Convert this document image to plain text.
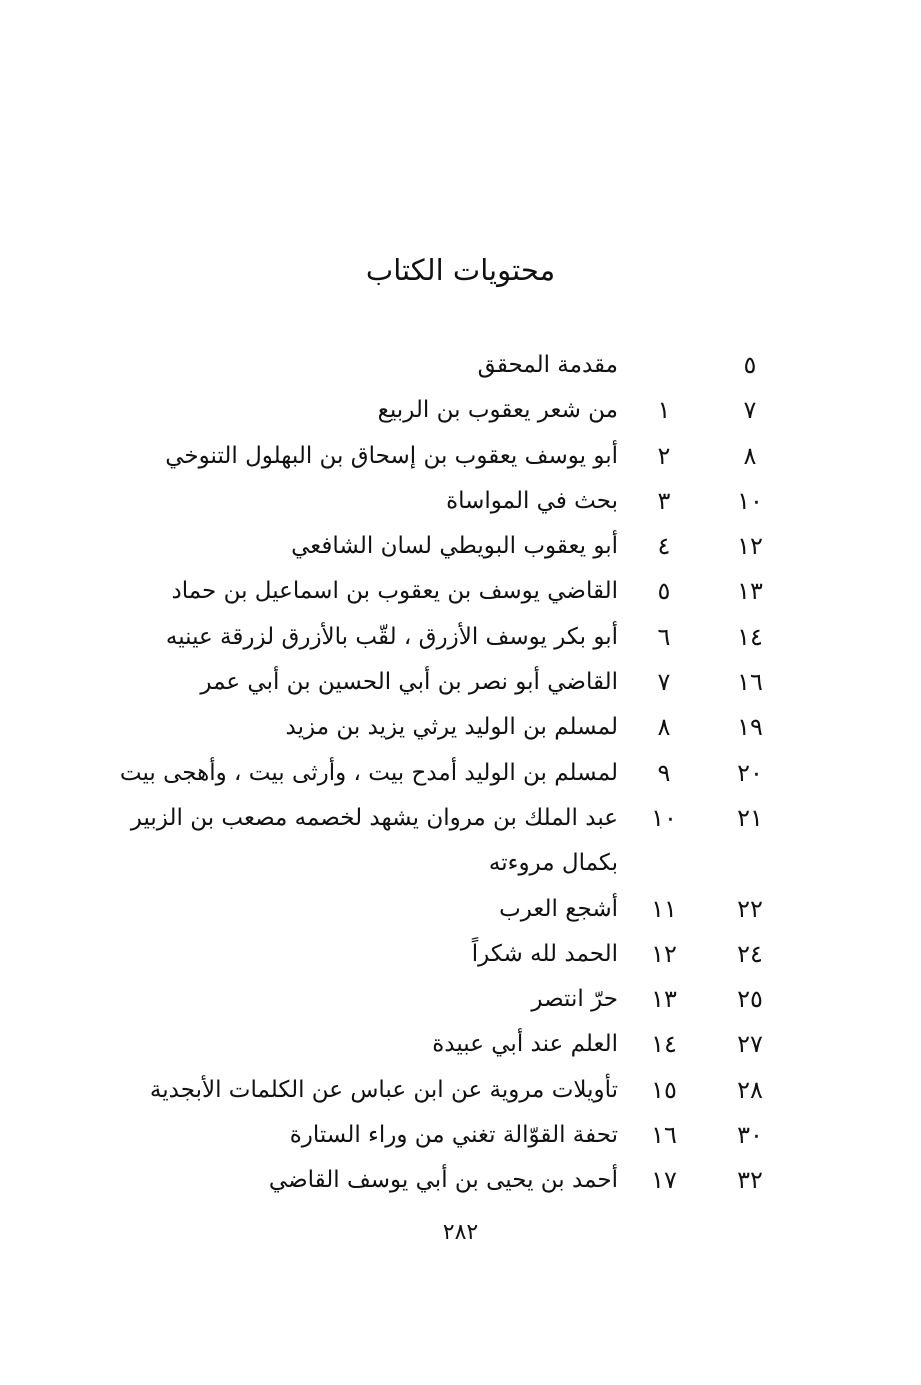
محتويات الكتاب
٥
مقدمة المحقق
٧
١
من شعر يعقوب بن الربيع
٨
٢
أبو يوسف يعقوب بن إسحاق بن البهلول التنوخي
١٠
٣
بحث في المواساة
١٢
٤
أبو يعقوب البويطي لسان الشافعي
١٣
٥
القاضي يوسف بن يعقوب بن اسماعيل بن حماد
١٤
٦
أبو بكر يوسف الأزرق ، لقّب بالأزرق لزرقة عينيه
١٦
٧
القاضي أبو نصر بن أبي الحسين بن أبي عمر
١٩
٨
لمسلم بن الوليد يرثي يزيد بن مزيد
٢٠
٩
لمسلم بن الوليد أمدح بيت ، وأرثى بيت ، وأهجى بيت
٢١
١٠
عبد الملك بن مروان يشهد لخصمه مصعب بن الزبير
بكمال مروءته
٢٢
١١
أشجع العرب
٢٤
١٢
الحمد لله شكراً
٢٥
١٣
حرّ انتصر
٢٧
١٤
العلم عند أبي عبيدة
٢٨
١٥
تأويلات مروية عن ابن عباس عن الكلمات الأبجدية
٣٠
١٦
تحفة القوّالة تغني من وراء الستارة
٣٢
١٧
أحمد بن يحيى بن أبي يوسف القاضي
٢٨٢
